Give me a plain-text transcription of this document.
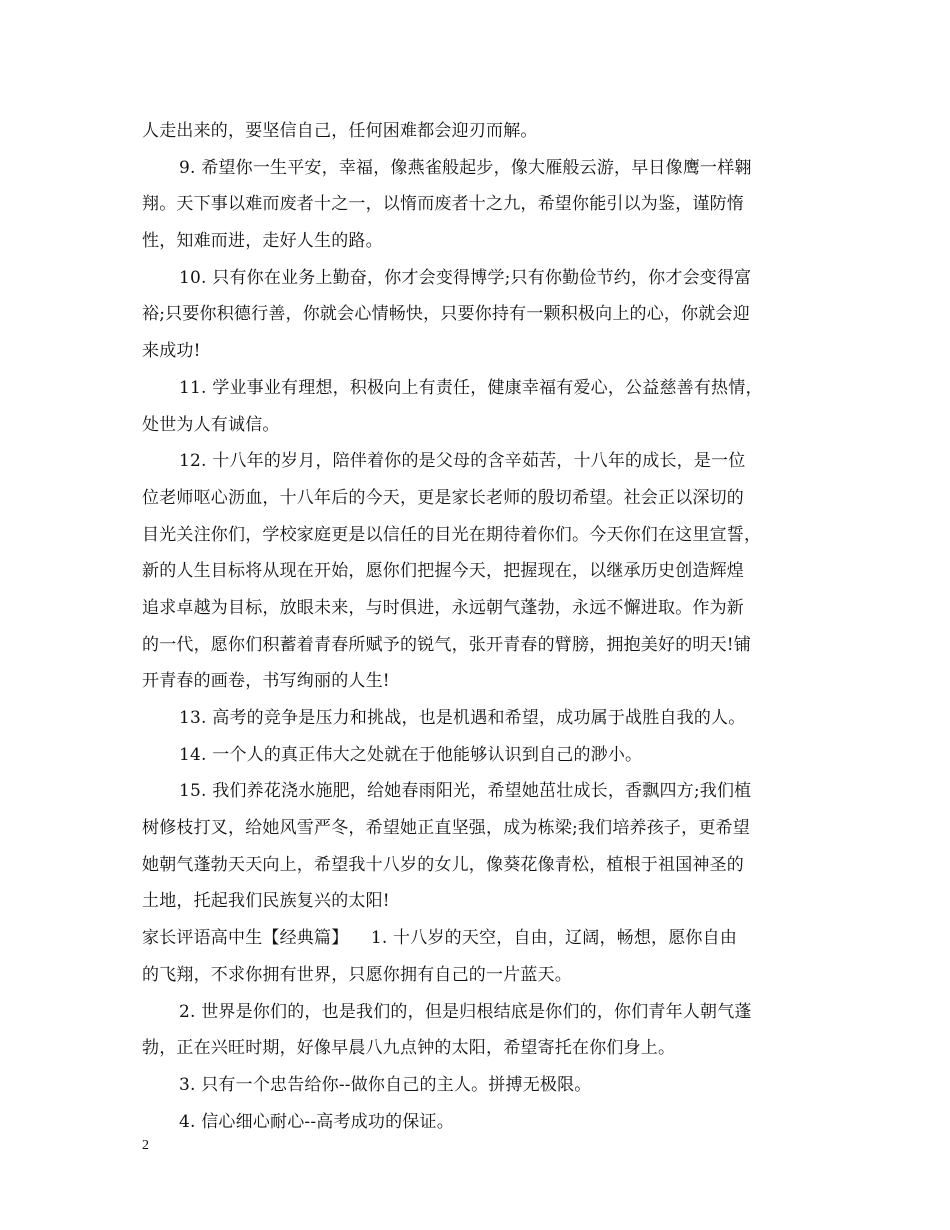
人走出来的，要坚信自己，任何困难都会迎刃而解。
9. 希望你一生平安，幸福，像燕雀般起步，像大雁般云游，早日像鹰一样翱
翔。天下事以难而废者十之一，以惰而废者十之九，希望你能引以为鉴，谨防惰
性，知难而进，走好人生的路。
10. 只有你在业务上勤奋，你才会变得博学;只有你勤俭节约，你才会变得富
裕;只要你积德行善，你就会心情畅快，只要你持有一颗积极向上的心，你就会迎
来成功!
11. 学业事业有理想，积极向上有责任，健康幸福有爱心，公益慈善有热情，
处世为人有诚信。
12. 十八年的岁月，陪伴着你的是父母的含辛茹苦，十八年的成长，是一位
位老师呕心沥血，十八年后的今天，更是家长老师的殷切希望。社会正以深切的
目光关注你们，学校家庭更是以信任的目光在期待着你们。今天你们在这里宣誓，
新的人生目标将从现在开始，愿你们把握今天，把握现在，以继承历史创造辉煌
追求卓越为目标，放眼未来，与时俱进，永远朝气蓬勃，永远不懈进取。作为新
的一代，愿你们积蓄着青春所赋予的锐气，张开青春的臂膀，拥抱美好的明天!铺
开青春的画卷，书写绚丽的人生!
13. 高考的竞争是压力和挑战，也是机遇和希望，成功属于战胜自我的人。
14. 一个人的真正伟大之处就在于他能够认识到自己的渺小。
15. 我们养花浇水施肥，给她春雨阳光，希望她茁壮成长，香飘四方;我们植
树修枝打叉，给她风雪严冬，希望她正直坚强，成为栋梁;我们培养孩子，更希望
她朝气蓬勃天天向上，希望我十八岁的女儿，像葵花像青松，植根于祖国神圣的
土地，托起我们民族复兴的太阳!
家长评语高中生【经典篇】    1. 十八岁的天空，自由，辽阔，畅想，愿你自由
的飞翔，不求你拥有世界，只愿你拥有自己的一片蓝天。
2. 世界是你们的，也是我们的，但是归根结底是你们的，你们青年人朝气蓬
勃，正在兴旺时期，好像早晨八九点钟的太阳，希望寄托在你们身上。
3. 只有一个忠告给你--做你自己的主人。拼搏无极限。
4. 信心细心耐心--高考成功的保证。
2
